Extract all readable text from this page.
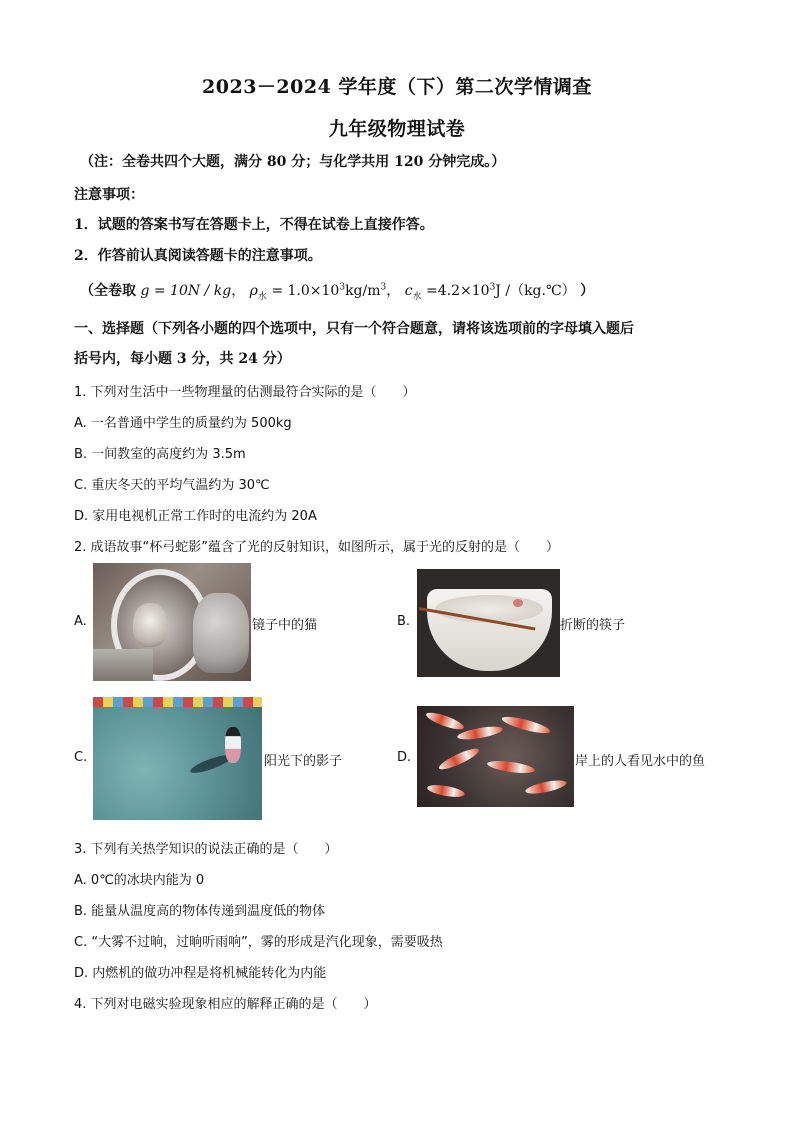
2023－2024 学年度（下）第二次学情调查
九年级物理试卷
（注：全卷共四个大题，满分 80 分；与化学共用 120 分钟完成。）
注意事项：
1．试题的答案书写在答题卡上，不得在试卷上直接作答。
2．作答前认真阅读答题卡的注意事项。
（全卷取 g = 10N / kg， $\rho_水 = 1.0\times 10^3kg/m^3$， $c_水 =4.2\times 10^3J$ /（kg.℃） ）
一、选择题（下列各小题的四个选项中，只有一个符合题意，请将该选项前的字母填入题后
括号内，每小题 3 分，共 24 分）
1. 下列对生活中一些物理量的估测最符合实际的是（　　）
A. 一名普通中学生的质量约为 500kg
B. 一间教室的高度约为 3.5m
C. 重庆冬天的平均气温约为 30℃
D. 家用电视机正常工作时的电流约为 20A
2. 成语故事“杯弓蛇影”蕴含了光的反射知识，如图所示，属于光的反射的是（　　）
A.	镜子中的猫	B.	折断的筷子
C.	阳光下的影子	D.	岸上的人看见水中的鱼
3. 下列有关热学知识的说法正确的是（　　）
A. 0℃的冰块内能为 0
B. 能量从温度高的物体传递到温度低的物体
C. “大雾不过晌，过晌听雨响”，雾的形成是汽化现象，需要吸热
D. 内燃机的做功冲程是将机械能转化为内能
4. 下列对电磁实验现象相应的解释正确的是（　　）
